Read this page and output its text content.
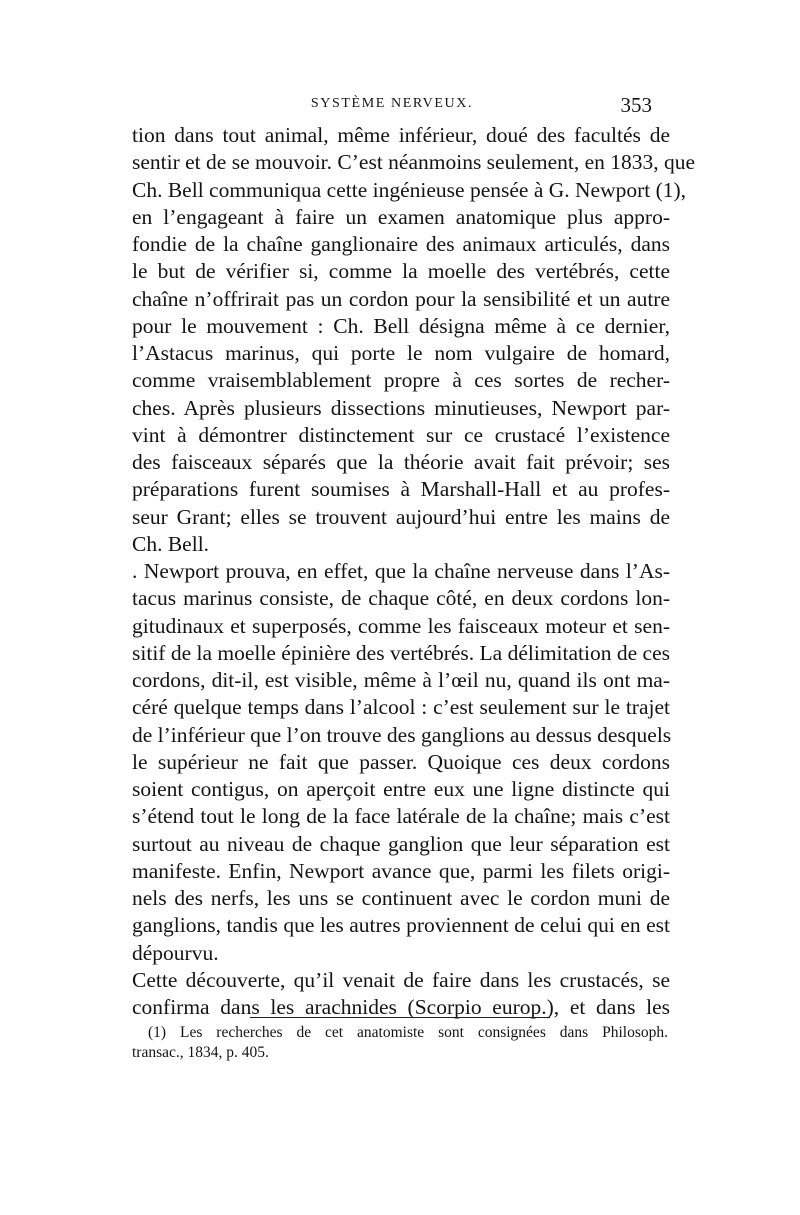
SYSTÈME NERVEUX.	353
tion dans tout animal, même inférieur, doué des facultés de
sentir et de se mouvoir. C’est néanmoins seulement, en 1833, que
Ch. Bell communiqua cette ingénieuse pensée à G. Newport (1),
en l’engageant à faire un examen anatomique plus appro-
fondie de la chaîne ganglionaire des animaux articulés, dans
le but de vérifier si, comme la moelle des vertébrés, cette
chaîne n’offrirait pas un cordon pour la sensibilité et un autre
pour le mouvement : Ch. Bell désigna même à ce dernier,
l’Astacus marinus, qui porte le nom vulgaire de homard,
comme vraisemblablement propre à ces sortes de recher-
ches. Après plusieurs dissections minutieuses, Newport par-
vint à démontrer distinctement sur ce crustacé l’existence
des faisceaux séparés que la théorie avait fait prévoir; ses
préparations furent soumises à Marshall-Hall et au profes-
seur Grant; elles se trouvent aujourd’hui entre les mains de
Ch. Bell.
. Newport prouva, en effet, que la chaîne nerveuse dans l’As-
tacus marinus consiste, de chaque côté, en deux cordons lon-
gitudinaux et superposés, comme les faisceaux moteur et sen-
sitif de la moelle épinière des vertébrés. La délimitation de ces
cordons, dit-il, est visible, même à l’œil nu, quand ils ont ma-
céré quelque temps dans l’alcool : c’est seulement sur le trajet
de l’inférieur que l’on trouve des ganglions au dessus desquels
le supérieur ne fait que passer. Quoique ces deux cordons
soient contigus, on aperçoit entre eux une ligne distincte qui
s’étend tout le long de la face latérale de la chaîne; mais c’est
surtout au niveau de chaque ganglion que leur séparation est
manifeste. Enfin, Newport avance que, parmi les filets origi-
nels des nerfs, les uns se continuent avec le cordon muni de
ganglions, tandis que les autres proviennent de celui qui en est
dépourvu.
Cette découverte, qu’il venait de faire dans les crustacés, se
confirma dans les arachnides (Scorpio europ.), et dans les
(1) Les recherches de cet anatomiste sont consignées dans Philosoph.
transac., 1834, p. 405.
